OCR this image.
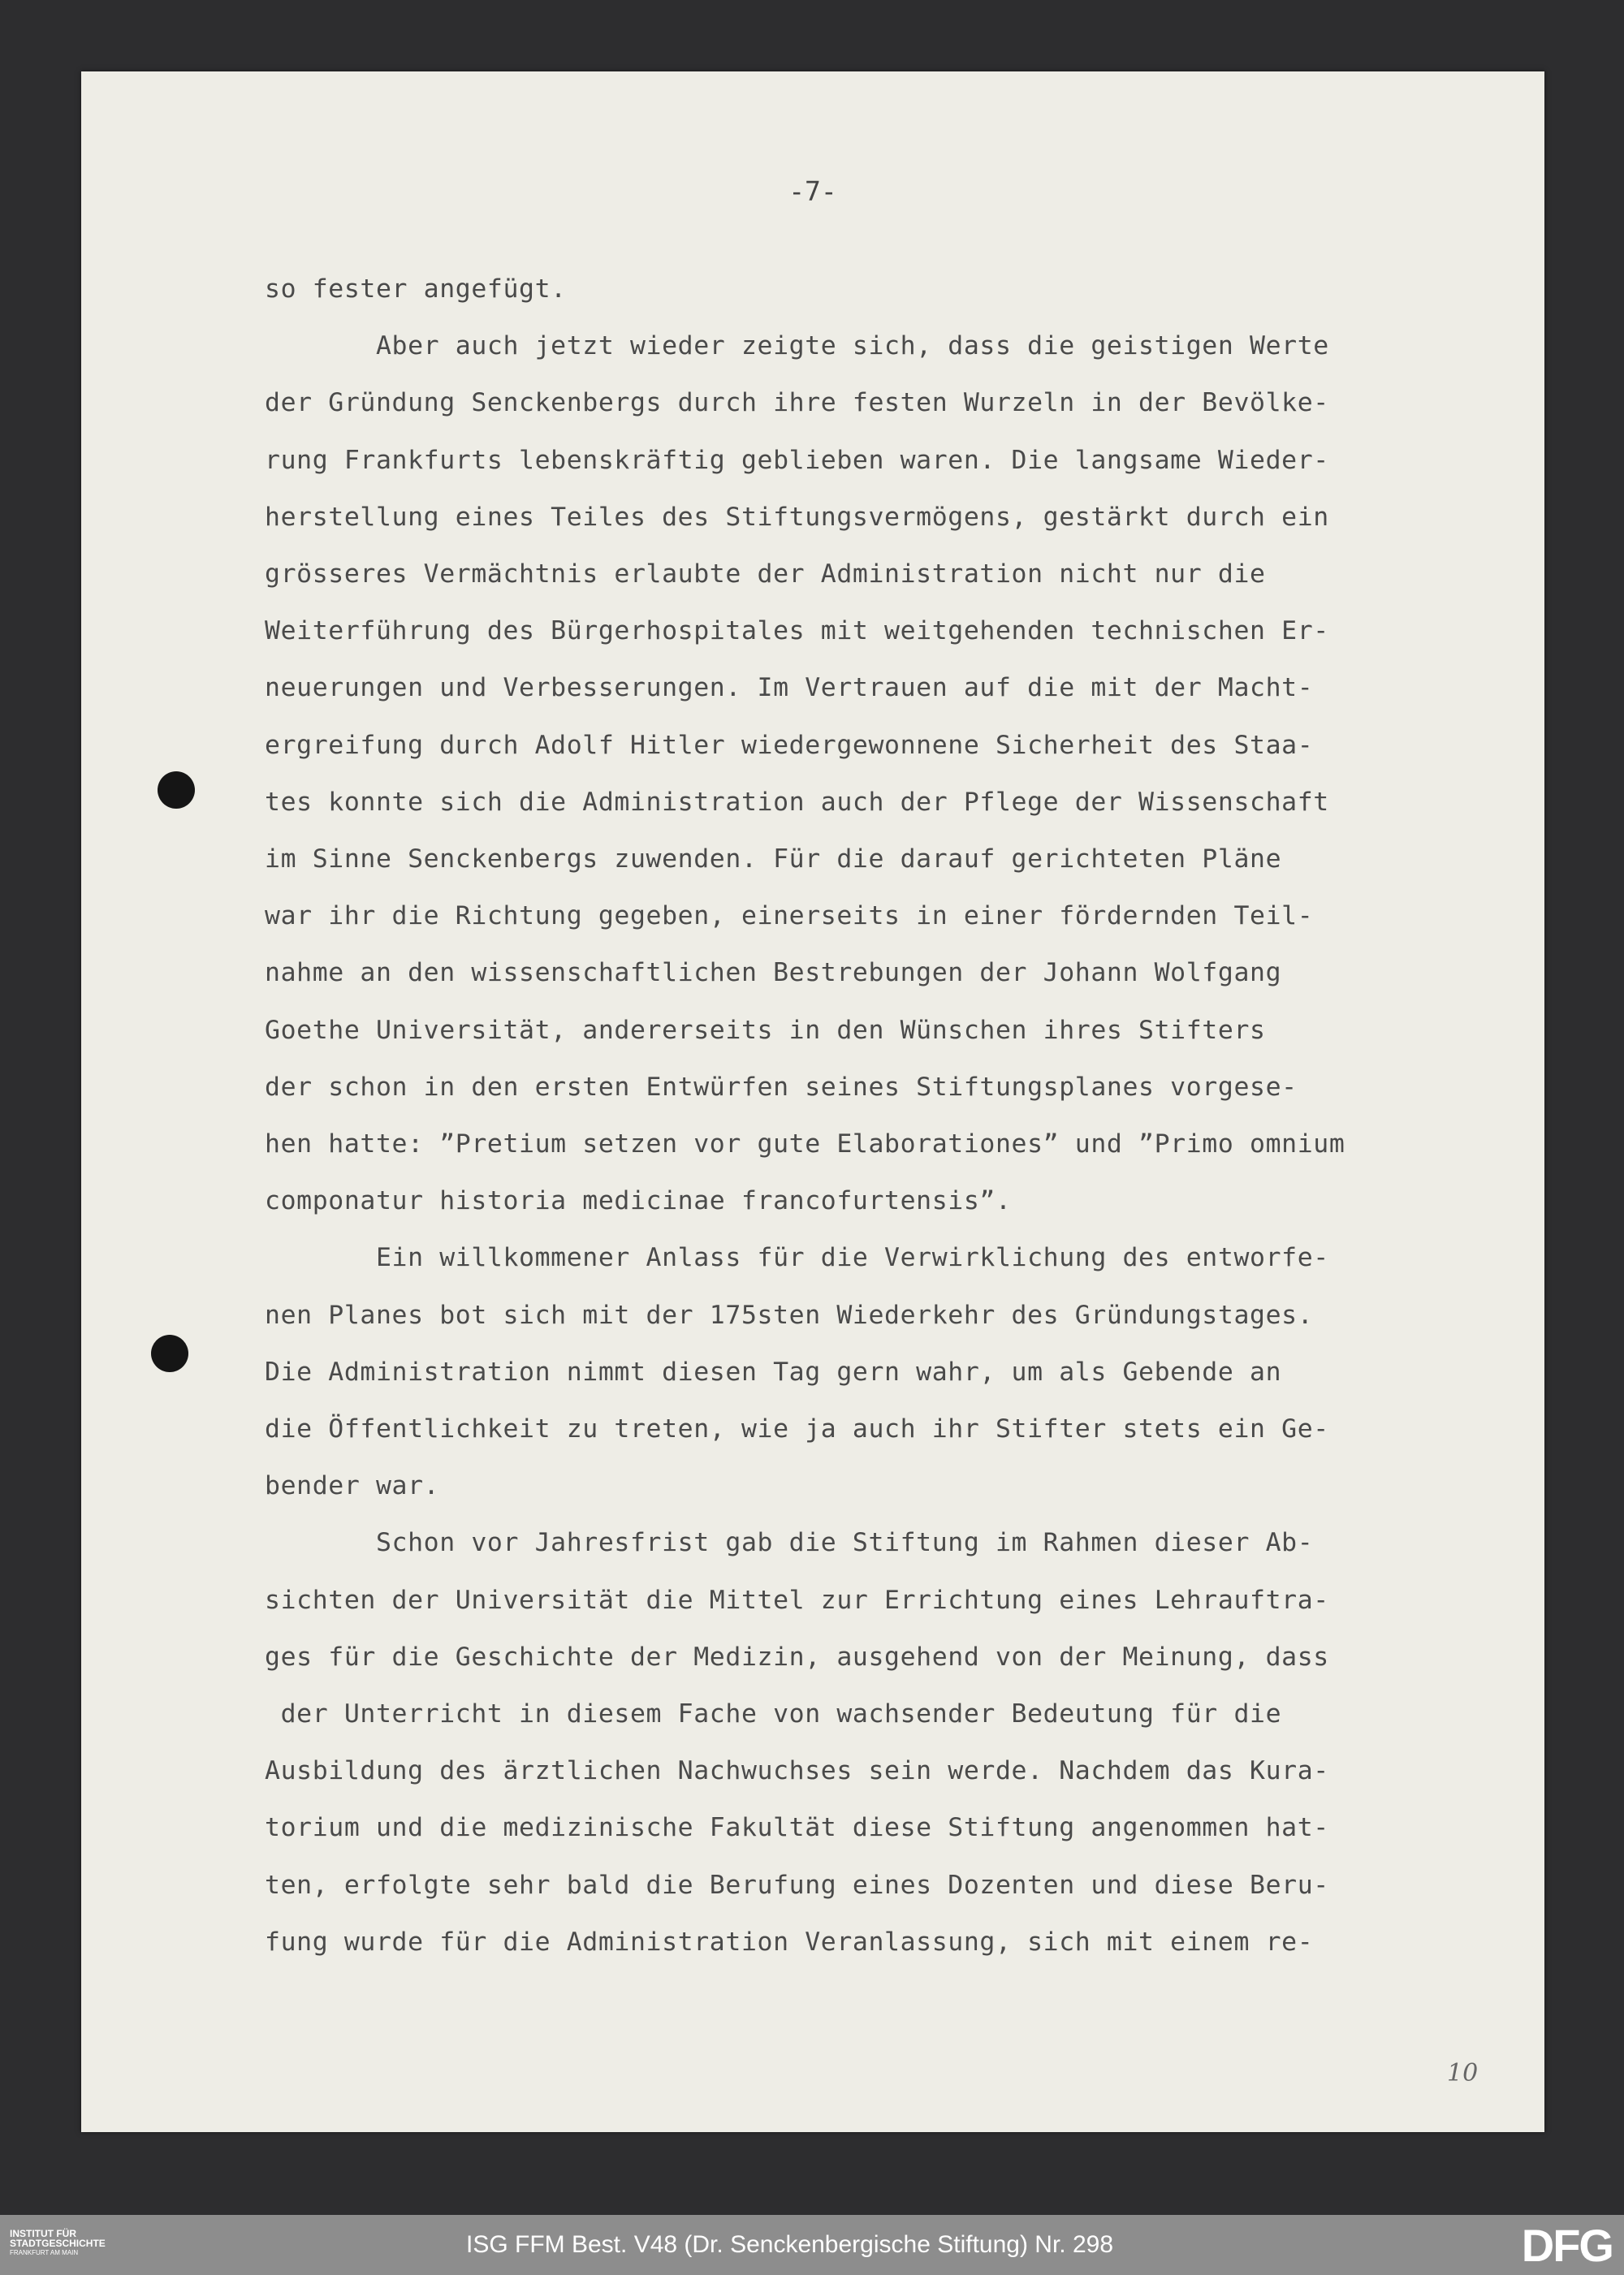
-7-
so fester angefügt.
Aber auch jetzt wieder zeigte sich, dass die geistigen Werte
der Gründung Senckenbergs durch ihre festen Wurzeln in der Bevölke-
rung Frankfurts lebenskräftig geblieben waren. Die langsame Wieder-
herstellung eines Teiles des Stiftungsvermögens, gestärkt durch ein
grösseres Vermächtnis erlaubte der Administration nicht nur die
Weiterführung des Bürgerhospitales mit weitgehenden technischen Er-
neuerungen und Verbesserungen. Im Vertrauen auf die mit der Macht-
ergreifung durch Adolf Hitler wiedergewonnene Sicherheit des Staa-
tes konnte sich die Administration auch der Pflege der Wissenschaft
im Sinne Senckenbergs zuwenden. Für die darauf gerichteten Pläne
war ihr die Richtung gegeben, einerseits in einer fördernden Teil-
nahme an den wissenschaftlichen Bestrebungen der Johann Wolfgang
Goethe Universität, andererseits in den Wünschen ihres Stifters
der schon in den ersten Entwürfen seines Stiftungsplanes vorgese-
hen hatte: ”Pretium setzen vor gute Elaborationes” und ”Primo omnium
componatur historia medicinae francofurtensis”.
Ein willkommener Anlass für die Verwirklichung des entworfe-
nen Planes bot sich mit der 175sten Wiederkehr des Gründungstages.
Die Administration nimmt diesen Tag gern wahr, um als Gebende an
die Öffentlichkeit zu treten, wie ja auch ihr Stifter stets ein Ge-
bender war.
Schon vor Jahresfrist gab die Stiftung im Rahmen dieser Ab-
sichten der Universität die Mittel zur Errichtung eines Lehrauftra-
ges für die Geschichte der Medizin, ausgehend von der Meinung, dass
der Unterricht in diesem Fache von wachsender Bedeutung für die
Ausbildung des ärztlichen Nachwuchses sein werde. Nachdem das Kura-
torium und die medizinische Fakultät diese Stiftung angenommen hat-
ten, erfolgte sehr bald die Berufung eines Dozenten und diese Beru-
fung wurde für die Administration Veranlassung, sich mit einem re-
10
INSTITUT FÜR
STADTGESCHICHTE
FRANKFURT AM MAIN	ISG FFM Best. V48 (Dr. Senckenbergische Stiftung) Nr. 298	DFG
